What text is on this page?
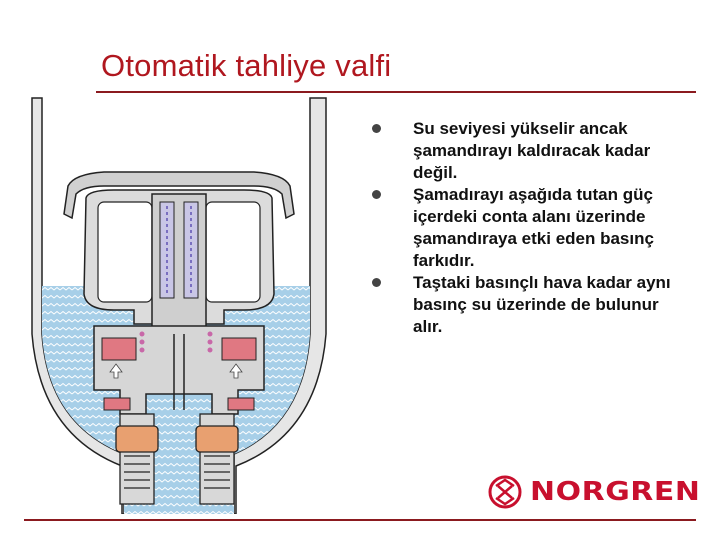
Otomatik tahliye valfi
Su seviyesi yükselir ancak şamandırayı kaldıracak kadar değil.
Şamadırayı aşağıda tutan güç içerdeki conta alanı üzerinde şamandıraya etki eden basınç farkıdır.
Taştaki basınçlı hava kadar aynı basınç su üzerinde de bulunur alır.
NORGREN
